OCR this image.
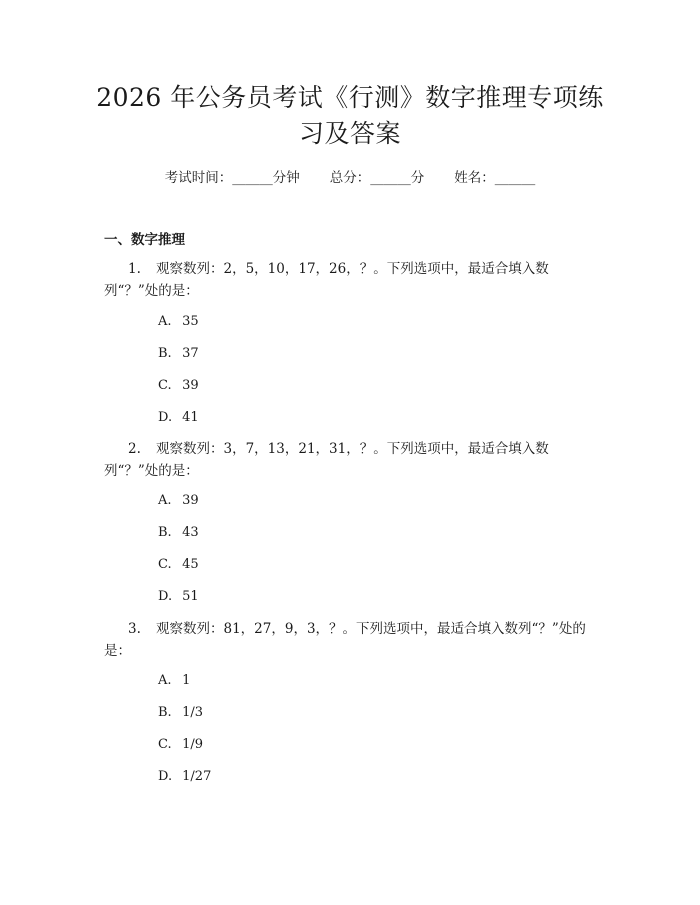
2026 年公务员考试《行测》数字推理专项练
习及答案
考试时间：______分钟 总分：______分 姓名：______
一、数字推理
1. 观察数列：2，5，10，17，26，？。下列选项中，最适合填入数列“？”处的是：
A. 35
B. 37
C. 39
D. 41
2. 观察数列：3，7，13，21，31，？。下列选项中，最适合填入数列“？”处的是：
A. 39
B. 43
C. 45
D. 51
3. 观察数列：81，27，9，3，？。下列选项中，最适合填入数列“？”处的是：
A. 1
B. 1/3
C. 1/9
D. 1/27
